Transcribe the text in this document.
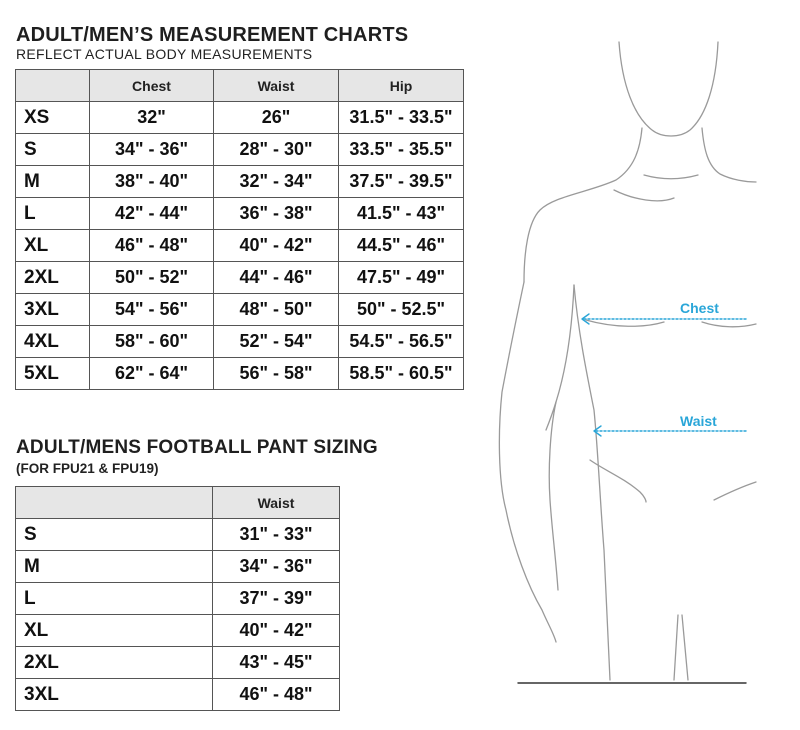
ADULT/MEN’S MEASUREMENT CHARTS
REFLECT ACTUAL BODY MEASUREMENTS
	Chest	Waist	Hip
XS	32"	26"	31.5" - 33.5"
S	34" - 36"	28" - 30"	33.5" - 35.5"
M	38" - 40"	32" - 34"	37.5" - 39.5"
L	42" - 44"	36" - 38"	41.5" - 43"
XL	46" - 48"	40" - 42"	44.5" - 46"
2XL	50" - 52"	44" - 46"	47.5" - 49"
3XL	54" - 56"	48" - 50"	50" - 52.5"
4XL	58" - 60"	52" - 54"	54.5" - 56.5"
5XL	62" - 64"	56" - 58"	58.5" - 60.5"
ADULT/MENS FOOTBALL PANT SIZING
(FOR FPU21 & FPU19)
	Waist
S	31" - 33"
M	34" - 36"
L	37" - 39"
XL	40" - 42"
2XL	43" - 45"
3XL	46" - 48"
Chest
Waist
